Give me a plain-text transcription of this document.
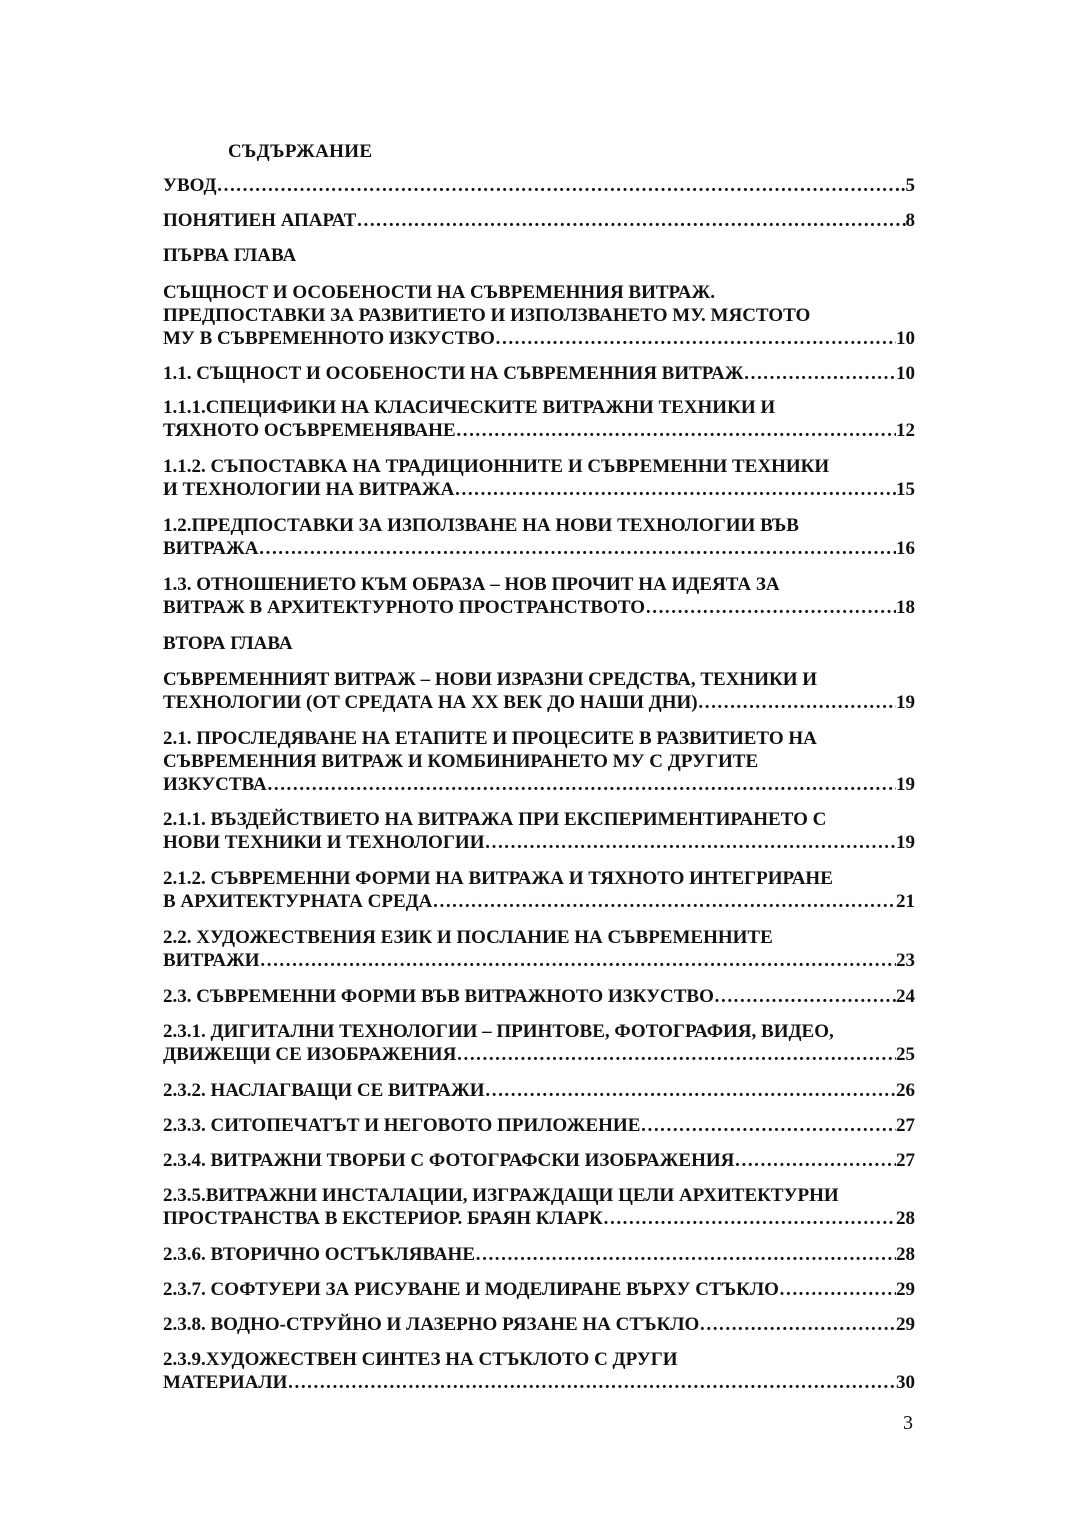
СЪДЪРЖАНИЕ
УВОД ……………………………………………………………………………………………………………………………………………………………………………………………	.5
ПОНЯТИЕН АПАРАТ ……………………………………………………………………………………………………………………………………………………………………………………………	8
ПЪРВА ГЛАВА
СЪЩНОСТ И ОСОБЕНОСТИ НА СЪВРЕМЕННИЯ ВИТРАЖ.
ПРЕДПОСТАВКИ ЗА РАЗВИТИЕТО И ИЗПОЛЗВАНЕТО МУ. МЯСТОТО
МУ В СЪВРЕМЕННОТО ИЗКУСТВО ……………………………………………………………………………………………………………………………………………………………………………………………	10
1.1. СЪЩНОСТ И ОСОБЕНОСТИ НА СЪВРЕМЕННИЯ ВИТРАЖ ……………………………………………………………………………………………………………………………………………………………………………………………	10
1.1.1.СПЕЦИФИКИ НА КЛАСИЧЕСКИТЕ ВИТРАЖНИ ТЕХНИКИ И
ТЯХНОТО ОСЪВРЕМЕНЯВАНЕ ……………………………………………………………………………………………………………………………………………………………………………………………	12
1.1.2. СЪПОСТАВКА НА ТРАДИЦИОННИТЕ И СЪВРЕМЕННИ ТЕХНИКИ
И ТЕХНОЛОГИИ НА ВИТРАЖА ……………………………………………………………………………………………………………………………………………………………………………………………	15
1.2.ПРЕДПОСТАВКИ ЗА ИЗПОЛЗВАНЕ НА НОВИ ТЕХНОЛОГИИ ВЪВ
ВИТРАЖА ……………………………………………………………………………………………………………………………………………………………………………………………	16
1.3. ОТНОШЕНИЕТО КЪМ ОБРАЗА – НОВ ПРОЧИТ НА ИДЕЯТА ЗА
ВИТРАЖ В АРХИТЕКТУРНОТО ПРОСТРАНСТВОТО ……………………………………………………………………………………………………………………………………………………………………………………………	18
ВТОРА ГЛАВА
СЪВРЕМЕННИЯТ ВИТРАЖ – НОВИ ИЗРАЗНИ СРЕДСТВА, ТЕХНИКИ И
ТЕХНОЛОГИИ (ОТ СРЕДАТА НА ХХ ВЕК ДО НАШИ ДНИ) ……………………………………………………………………………………………………………………………………………………………………………………………	19
2.1. ПРОСЛЕДЯВАНЕ НА ЕТАПИТЕ И ПРОЦЕСИТЕ В РАЗВИТИЕТО НА
СЪВРЕМЕННИЯ ВИТРАЖ И КОМБИНИРАНЕТО МУ С ДРУГИТЕ
ИЗКУСТВА ……………………………………………………………………………………………………………………………………………………………………………………………	19
2.1.1. ВЪЗДЕЙСТВИЕТО НА ВИТРАЖА ПРИ ЕКСПЕРИМЕНТИРАНЕТО С
НОВИ ТЕХНИКИ И ТЕХНОЛОГИИ ……………………………………………………………………………………………………………………………………………………………………………………………	19
2.1.2. СЪВРЕМЕННИ ФОРМИ НА ВИТРАЖА И ТЯХНОТО ИНТЕГРИРАНЕ
В АРХИТЕКТУРНАТА СРЕДА ……………………………………………………………………………………………………………………………………………………………………………………………	21
2.2. ХУДОЖЕСТВЕНИЯ ЕЗИК И ПОСЛАНИЕ НА СЪВРЕМЕННИТЕ
ВИТРАЖИ ……………………………………………………………………………………………………………………………………………………………………………………………	23
2.3. СЪВРЕМЕННИ ФОРМИ ВЪВ ВИТРАЖНОТО ИЗКУСТВО ……………………………………………………………………………………………………………………………………………………………………………………………	24
2.3.1. ДИГИТАЛНИ ТЕХНОЛОГИИ – ПРИНТОВЕ, ФОТОГРАФИЯ, ВИДЕО,
ДВИЖЕЩИ СЕ ИЗОБРАЖЕНИЯ ……………………………………………………………………………………………………………………………………………………………………………………………	25
2.3.2. НАСЛАГВАЩИ СЕ ВИТРАЖИ ……………………………………………………………………………………………………………………………………………………………………………………………	26
2.3.3. СИТОПЕЧАТЪТ И НЕГОВОТО ПРИЛОЖЕНИЕ ……………………………………………………………………………………………………………………………………………………………………………………………	27
2.3.4. ВИТРАЖНИ ТВОРБИ С ФОТОГРАФСКИ ИЗОБРАЖЕНИЯ ……………………………………………………………………………………………………………………………………………………………………………………………	27
2.3.5.ВИТРАЖНИ ИНСТАЛАЦИИ, ИЗГРАЖДАЩИ ЦЕЛИ АРХИТЕКТУРНИ
ПРОСТРАНСТВА В ЕКСТЕРИОР. БРАЯН КЛАРК ……………………………………………………………………………………………………………………………………………………………………………………………	28
2.3.6. ВТОРИЧНО ОСТЪКЛЯВАНЕ ……………………………………………………………………………………………………………………………………………………………………………………………	28
2.3.7. СОФТУЕРИ ЗА РИСУВАНЕ И МОДЕЛИРАНЕ ВЪРХУ СТЪКЛО ……………………………………………………………………………………………………………………………………………………………………………………………	29
2.3.8. ВОДНО-СТРУЙНО И ЛАЗЕРНО РЯЗАНЕ НА СТЪКЛО ……………………………………………………………………………………………………………………………………………………………………………………………	29
2.3.9.ХУДОЖЕСТВЕН СИНТЕЗ НА СТЪКЛОТО С ДРУГИ
МАТЕРИАЛИ ……………………………………………………………………………………………………………………………………………………………………………………………	30
3
